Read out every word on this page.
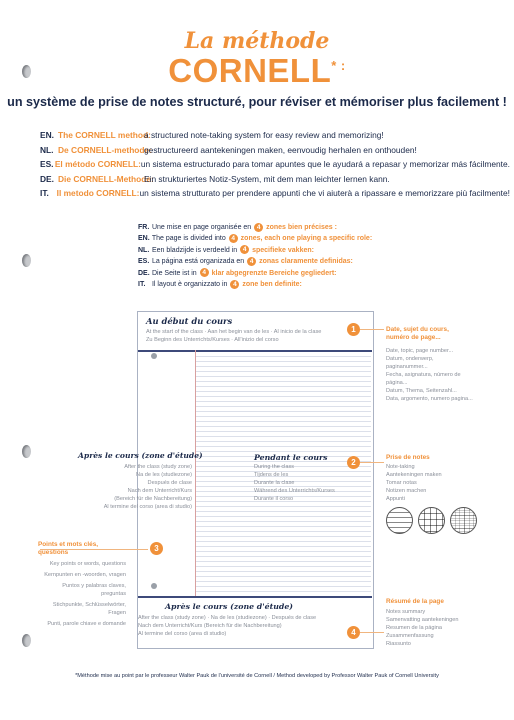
La méthode
CORNELL* :
un système de prise de notes structuré, pour réviser et mémoriser plus facilement !
EN. The CORNELL method:
a structured note-taking system for easy review and memorizing!
NL. De CORNELL-methode:
gestructureerd aantekeningen maken, eenvoudig herhalen en onthouden!
ES. El método CORNELL: un sistema estructurado para tomar apuntes que le ayudará a repasar y memorizar más fácilmente.
DE. Die CORNELL-Methode:
Ein strukturiertes Notiz-System, mit dem man leichter lernen kann.
IT. Il metodo CORNELL: un sistema strutturato per prendere appunti che vi aiuterà a ripassare e memorizzare più facilmente!
FR. Une mise en page organisée en 4 zones bien précises :
EN. The page is divided into 4 zones, each one playing a specific role:
NL. Een bladzijde is verdeeld in 4 specifieke vakken:
ES. La página está organizada en 4 zonas claramente definidas:
DE. Die Seite ist in 4 klar abgegrenzte Bereiche gegliedert:
IT. Il layout è organizzato in 4 zone ben definite:
Au début du cours
At the start of the class · Aan het begin van de les · Al inicio de la clase
Zu Beginn des Unterrichts/Kurses · All'inizio del corso
1	Date, sujet du cours, numéro de page...
Date, topic, page number...
Datum, onderwerp, paginanummer...
Fecha, asignatura, número de página...
Datum, Thema, Seitenzahl...
Data, argomento, numero pagina...
Après le cours (zone d'étude)
After the class (study zone)
Na de les (studiezone)
Después de clase
Nach dem Unterricht/Kurs
(Bereich für die Nachbereitung)
Al termine del corso (area di studio)
Pendant le cours
During the class
Tijdens de les
Durante la clase
Während des Unterrichts/Kurses
Durante il corso
2
Prise de notes
Note-taking
Aantekeningen maken
Tomar notas
Notizen machen
Appunti
Points et mots clés, questions	3
Key points or words, questions
Kernpunten en -woorden, vragen
Puntos y palabras claves, preguntas
Stichpunkte, Schlüsselwörter, Fragen
Punti, parole chiave e domande
Après le cours (zone d'étude)
After the class (study zone) · Na de les (studiezone) · Después de clase
Nach dem Unterricht/Kurs (Bereich für die Nachbereitung)
Al termine del corso (area di studio)	4
Résumé de la page
Notes summary
Samenvatting aantekeningen
Resumen de la página
Zusammenfassung
Riassunto
*Méthode mise au point par le professeur Walter Pauk de l'université de Cornell / Method developed by Professor Walter Pauk of Cornell University
